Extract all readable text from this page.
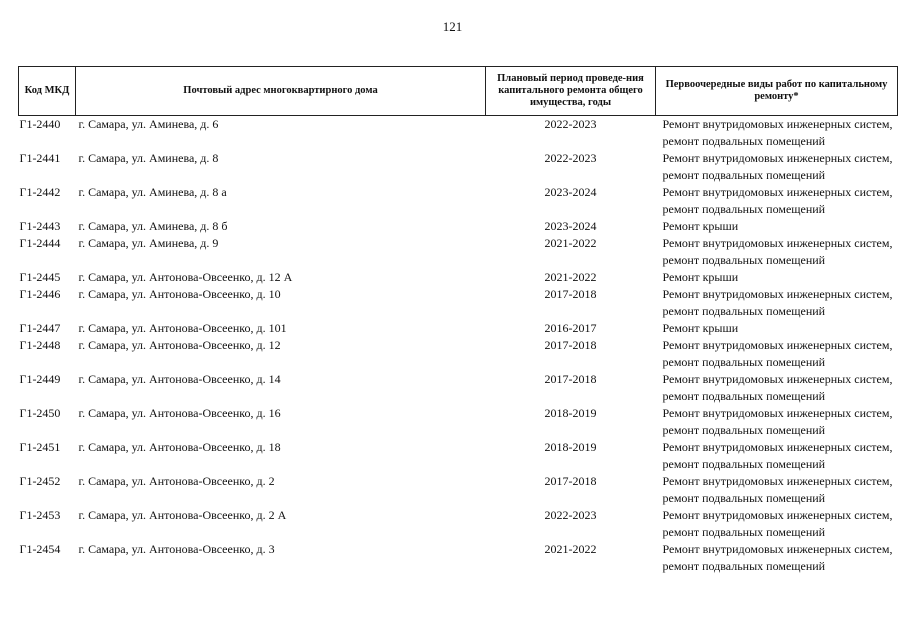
121
Код МКД	Почтовый адрес многоквартирного дома	Плановый период проведе-ния капитального ремонта общего имущества, годы	Первоочередные виды работ по капитальному ремонту*
Г1-2440	г. Самара, ул. Аминева, д. 6	2022-2023	Ремонт внутридомовых инженерных систем,
ремонт подвальных помещений

Г1-2441	г. Самара, ул. Аминева, д. 8	2022-2023	Ремонт внутридомовых инженерных систем,
ремонт подвальных помещений

Г1-2442	г. Самара, ул. Аминева, д. 8 а	2023-2024	Ремонт внутридомовых инженерных систем,
ремонт подвальных помещений

Г1-2443	г. Самара, ул. Аминева, д. 8 б	2023-2024	Ремонт крыши

Г1-2444	г. Самара, ул. Аминева, д. 9	2021-2022	Ремонт внутридомовых инженерных систем,
ремонт подвальных помещений

Г1-2445	г. Самара, ул. Антонова-Овсеенко, д. 12 А	2021-2022	Ремонт крыши

Г1-2446	г. Самара, ул. Антонова-Овсеенко, д. 10	2017-2018	Ремонт внутридомовых инженерных систем,
ремонт подвальных помещений

Г1-2447	г. Самара, ул. Антонова-Овсеенко, д. 101	2016-2017	Ремонт крыши

Г1-2448	г. Самара, ул. Антонова-Овсеенко, д. 12	2017-2018	Ремонт внутридомовых инженерных систем,
ремонт подвальных помещений

Г1-2449	г. Самара, ул. Антонова-Овсеенко, д. 14	2017-2018	Ремонт внутридомовых инженерных систем,
ремонт подвальных помещений

Г1-2450	г. Самара, ул. Антонова-Овсеенко, д. 16	2018-2019	Ремонт внутридомовых инженерных систем,
ремонт подвальных помещений

Г1-2451	г. Самара, ул. Антонова-Овсеенко, д. 18	2018-2019	Ремонт внутридомовых инженерных систем,
ремонт подвальных помещений

Г1-2452	г. Самара, ул. Антонова-Овсеенко, д. 2	2017-2018	Ремонт внутридомовых инженерных систем,
ремонт подвальных помещений

Г1-2453	г. Самара, ул. Антонова-Овсеенко, д. 2 А	2022-2023	Ремонт внутридомовых инженерных систем,
ремонт подвальных помещений

Г1-2454	г. Самара, ул. Антонова-Овсеенко, д. 3	2021-2022	Ремонт внутридомовых инженерных систем,
ремонт подвальных помещений
